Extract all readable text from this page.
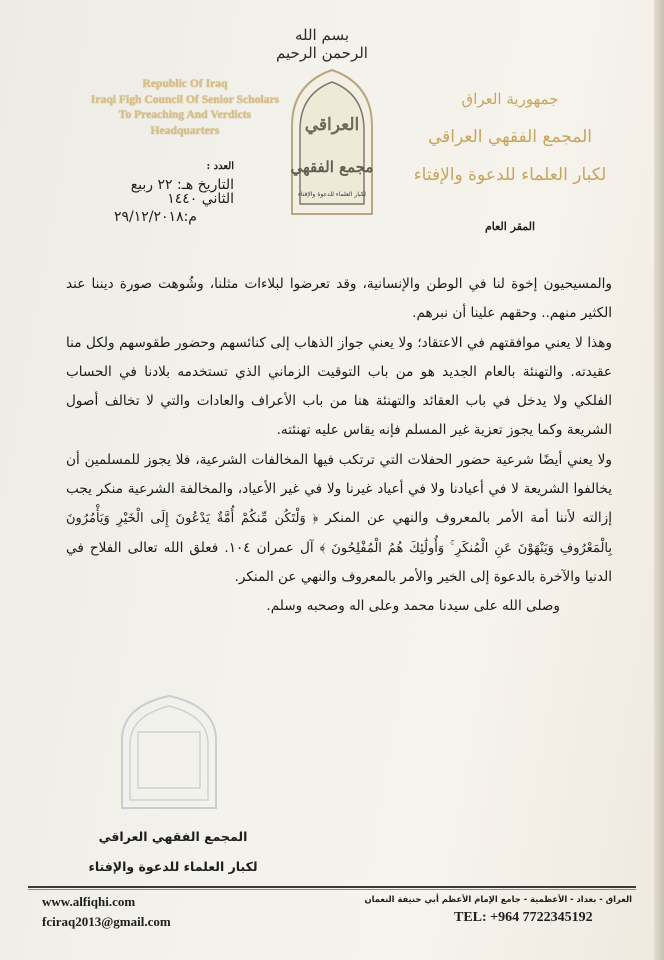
بسم الله الرحمن الرحيم
Republic Of Iraq
Iraqi Figh Council Of Senior Scholars
To Preaching And Verdicts
Headquarters	العراقي
مجمع الفقهي
لكبار العلماء للدعوة والإفتاء
جمهورية العراق
المجمع الفقهي العراقي
لكبار العلماء للدعوة والإفتاء
المقر العام
العدد :
التاريخ هـ: ٢٢ ربيع الثاني ١٤٤٠
م:٢٩/١٢/٢٠١٨

والمسيحيون إخوة لنا في الوطن والإنسانية، وقد تعرضوا لبلاءات مثلنا، وشُوهت صورة ديننا عند الكثير منهم.. وحقهم علينا أن نبرهم.

وهذا لا يعني موافقتهم في الاعتقاد؛ ولا يعني جواز الذهاب إلى كنائسهم وحضور طقوسهم ولكل منا عقيدته. والتهنئة بالعام الجديد هو من باب التوقيت الزماني الذي تستخدمه بلادنا في الحساب الفلكي ولا يدخل في باب العقائد والتهنئة هنا من باب الأعراف والعادات والتي لا تخالف أصول الشريعة وكما يجوز تعزية غير المسلم فإنه يقاس عليه تهنئته.

ولا يعني أيضًا شرعية حضور الحفلات التي ترتكب فيها المخالفات الشرعية، فلا يجوز للمسلمين أن يخالفوا الشريعة لا في أعيادنا ولا في أعياد غيرنا ولا في غير الأعياد، والمخالفة الشرعية منكر يجب إزالته لأننا أمة الأمر بالمعروف والنهي عن المنكر ﴿ وَلْتَكُن مِّنكُمْ أُمَّةٌ يَدْعُونَ إِلَى الْخَيْرِ وَيَأْمُرُونَ بِالْمَعْرُوفِ وَيَنْهَوْنَ عَنِ الْمُنكَرِ ۚ وَأُولَٰئِكَ هُمُ الْمُفْلِحُونَ ﴾ آل عمران ١٠٤. فعلق الله تعالى الفلاح في الدنيا والآخرة بالدعوة إلى الخير والأمر بالمعروف والنهي عن المنكر.

وصلى الله على سيدنا محمد وعلى اله وصحبه وسلم.

المجمع الفقهي العراقي
لكبار العلماء للدعوة والإفتاء
www.alfiqhi.com
fciraq2013@gmail.com
العراق - بغداد - الأعظمية - جامع الإمام الأعظم أبي حنيفة النعمان
TEL: +964 7722345192
